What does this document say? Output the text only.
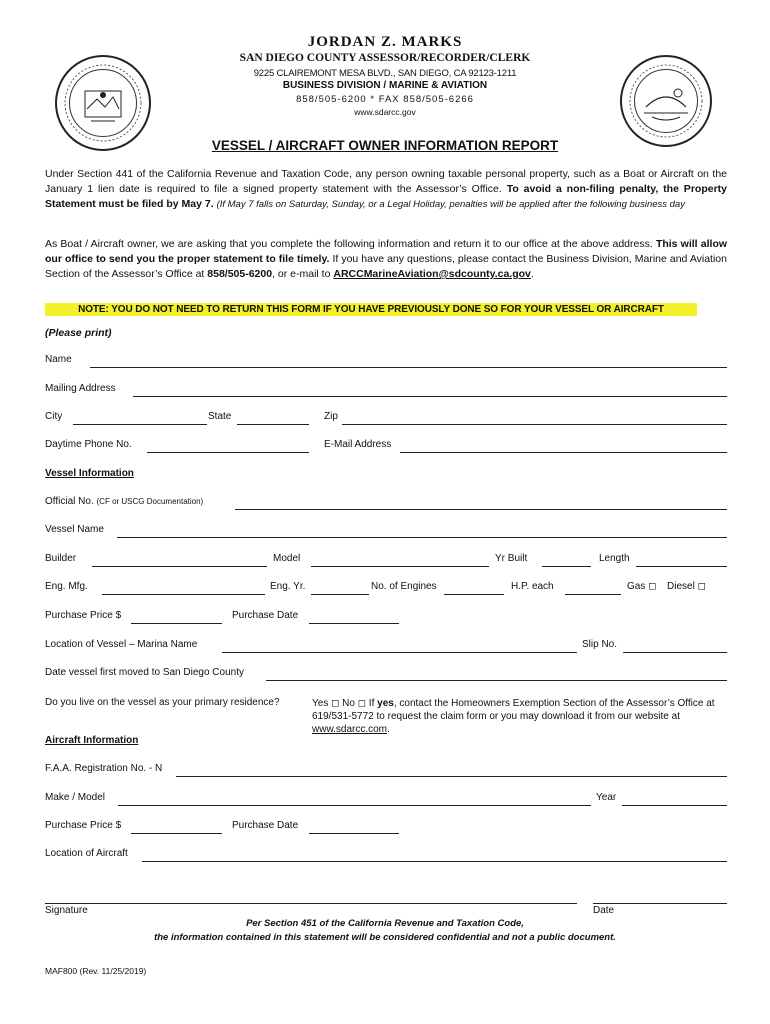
JORDAN Z. MARKS
SAN DIEGO COUNTY ASSESSOR/RECORDER/CLERK
9225 CLAIREMONT MESA BLVD., SAN DIEGO, CA 92123-1211
BUSINESS DIVISION / MARINE & AVIATION
858/505-6200 * FAX 858/505-6266
www.sdarcc.gov
VESSEL / AIRCRAFT OWNER INFORMATION REPORT
Under Section 441 of the California Revenue and Taxation Code, any person owning taxable personal property, such as a Boat or Aircraft on the January 1 lien date is required to file a signed property statement with the Assessor’s Office. To avoid a non-filing penalty, the Property Statement must be filed by May 7. (If May 7 falls on Saturday, Sunday, or a Legal Holiday, penalties will be applied after the following business day
As Boat / Aircraft owner, we are asking that you complete the following information and return it to our office at the above address. This will allow our office to send you the proper statement to file timely. If you have any questions, please contact the Business Division, Marine and Aviation Section of the Assessor’s Office at 858/505-6200, or e-mail to ARCCMarineAviation@sdcounty.ca.gov.
NOTE: YOU DO NOT NEED TO RETURN THIS FORM IF YOU HAVE PREVIOUSLY DONE SO FOR YOUR VESSEL OR AIRCRAFT
(Please print)
Name
Mailing Address
City	State	Zip
Daytime Phone No.	E-Mail Address
Vessel Information
Official No. (CF or USCG Documentation)
Vessel Name
Builder	Model	Yr Built	Length
Eng. Mfg.	Eng. Yr.	No. of Engines	H.P. each	Gas ◻ Diesel ◻
Purchase Price $	Purchase Date
Location of Vessel – Marina Name	Slip No.
Date vessel first moved to San Diego County
Do you live on the vessel as your primary residence?	Yes ◻ No ◻ If yes, contact the Homeowners Exemption Section of the Assessor’s Office at 619/531-5772 to request the claim form or you may download it from our website at www.sdarcc.com.
Aircraft Information
F.A.A. Registration No. - N
Make / Model	Year
Purchase Price $	Purchase Date
Location of Aircraft
Signature	Date
Per Section 451 of the California Revenue and Taxation Code,
the information contained in this statement will be considered confidential and not a public document.
MAF800 (Rev. 11/25/2019)
